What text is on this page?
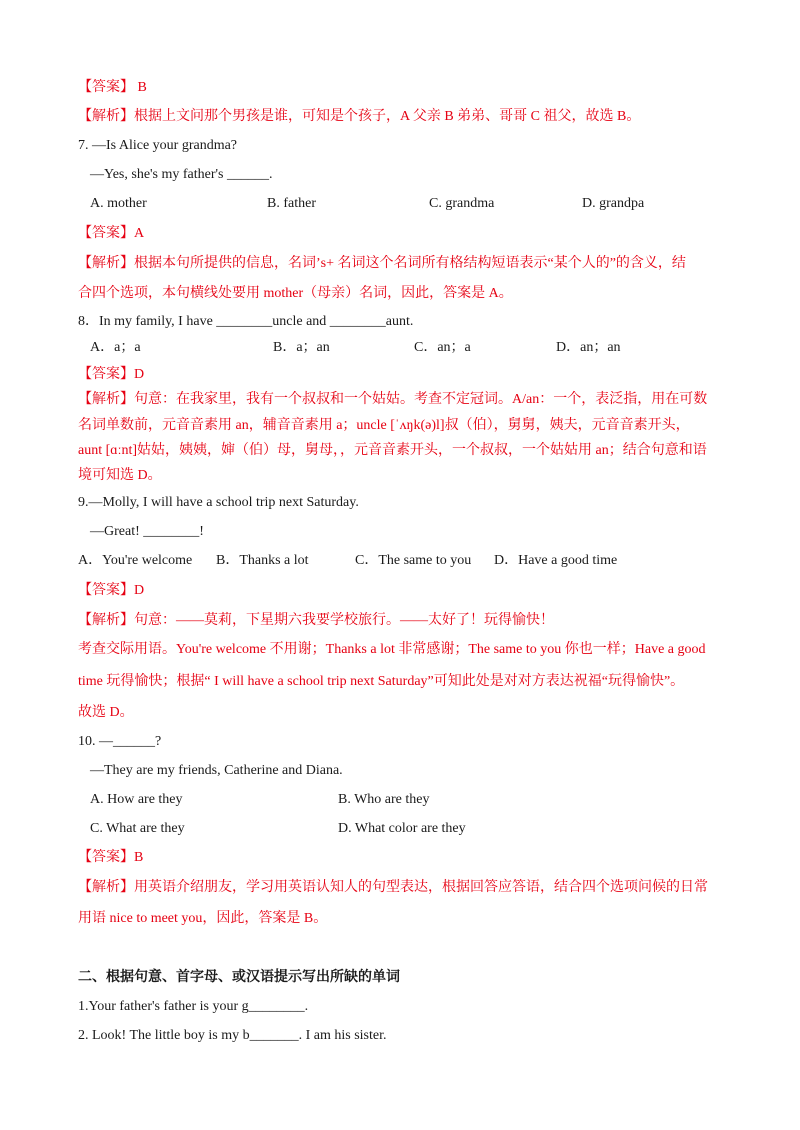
【答案】 B
【解析】根据上文问那个男孩是谁，可知是个孩子，A 父亲 B 弟弟、哥哥 C 祖父，故选 B。
7. —Is Alice your grandma?
—Yes, she's my father's ______.
A. mother	B. father	C. grandma	D. grandpa
【答案】A
【解析】根据本句所提供的信息，名词’s+ 名词这个名词所有格结构短语表示“某个人的”的含义，结
合四个选项，本句横线处要用 mother（母亲）名词，因此，答案是 A。
8．In my family, I have ________uncle and ________aunt.
A．a；a	B．a；an	C．an；a	D．an；an
【答案】D
【解析】句意：在我家里，我有一个叔叔和一个姑姑。考查不定冠词。A/an：一个，表泛指，用在可数
名词单数前，元音音素用 an，辅音音素用 a；uncle [ˈʌŋk(ə)l]叔（伯），舅舅，姨夫，元音音素开头，
aunt [ɑːnt]姑姑，姨姨，婶（伯）母，舅母，，元音音素开头，一个叔叔，一个姑姑用 an；结合句意和语
境可知选 D。
9.—Molly, I will have a school trip next Saturday.
—Great! ________!
A．You're welcome B．Thanks a lot	C．The same to you D．Have a good time
【答案】D
【解析】句意：——莫莉，下星期六我要学校旅行。——太好了！玩得愉快！
考查交际用语。You're welcome 不用谢；Thanks a lot 非常感谢；The same to you 你也一样；Have a good
time 玩得愉快；根据“ I will have a school trip next Saturday”可知此处是对对方表达祝福“玩得愉快”。
故选 D。
10. —______?
—They are my friends, Catherine and Diana.
A. How are they	B. Who are they
C. What are they	D. What color are they
【答案】B
【解析】用英语介绍朋友，学习用英语认知人的句型表达，根据回答应答语，结合四个选项问候的日常
用语 nice to meet you，因此，答案是 B。
二、根据句意、首字母、或汉语提示写出所缺的单词
1.Your father's father is your g________.
2. Look! The little boy is my b_______. I am his sister.
